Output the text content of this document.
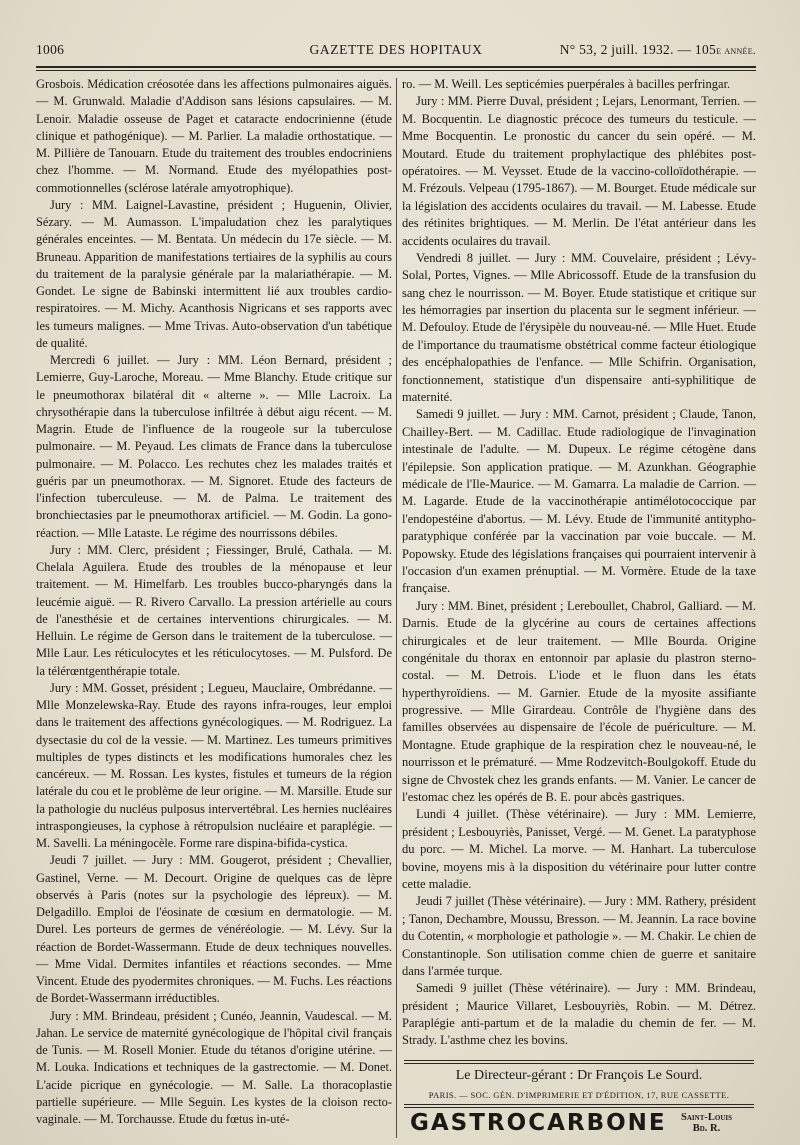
1006	GAZETTE DES HOPITAUX	N° 53, 2 juill. 1932. — 105e année.

Grosbois. Médication créosotée dans les affections pulmonaires aiguës. — M. Grunwald. Maladie d'Addison sans lésions capsulaires. — M. Lenoir. Maladie osseuse de Paget et cataracte endocrinienne (étude clinique et pathogénique). — M. Parlier. La maladie orthostatique. — M. Pillière de Tanouarn. Etude du traitement des troubles endocriniens chez l'homme. — M. Normand. Etude des myélopathies post-commotionnelles (sclérose latérale amyotrophique).

Jury : MM. Laignel-Lavastine, président ; Huguenin, Olivier, Sézary. — M. Aumasson. L'impaludation chez les paralytiques générales enceintes. — M. Bentata. Un médecin du 17e siècle. — M. Bruneau. Apparition de manifestations tertiaires de la syphilis au cours du traitement de la paralysie générale par la malariathérapie. — M. Gondet. Le signe de Babinski intermittent lié aux troubles cardio-respiratoires. — M. Michy. Acanthosis Nigricans et ses rapports avec les tumeurs malignes. — Mme Trivas. Auto-observation d'un tabétique de qualité.

Mercredi 6 juillet. — Jury : MM. Léon Bernard, président ; Lemierre, Guy-Laroche, Moreau. — Mme Blanchy. Etude critique sur le pneumothorax bilatéral dit « alterne ». — Mlle Lacroix. La chrysothérapie dans la tuberculose infiltrée à début aigu récent. — M. Magrin. Etude de l'influence de la rougeole sur la tuberculose pulmonaire. — M. Peyaud. Les climats de France dans la tuberculose pulmonaire. — M. Polacco. Les rechutes chez les malades traités et guéris par un pneumothorax. — M. Signoret. Etude des facteurs de l'infection tuberculeuse. — M. de Palma. Le traitement des bronchiectasies par le pneumothorax artificiel. — M. Godin. La gono-réaction. — Mlle Lataste. Le régime des nourrissons débiles.

Jury : MM. Clerc, président ; Fiessinger, Brulé, Cathala. — M. Chelala Aguilera. Etude des troubles de la ménopause et leur traitement. — M. Himelfarb. Les troubles bucco-pharyngés dans la leucémie aiguë. — R. Rivero Carvallo. La pression artérielle au cours de l'anesthésie et de certaines interventions chirurgicales. — M. Helluin. Le régime de Gerson dans le traitement de la tuberculose. — Mlle Laur. Les réticulocytes et les réticulocytoses. — M. Pulsford. De la télérœntgenthérapie totale.

Jury : MM. Gosset, président ; Legueu, Mauclaire, Ombrédanne. — Mlle Monzelewska-Ray. Etude des rayons infra-rouges, leur emploi dans le traitement des affections gynécologiques. — M. Rodriguez. La dysectasie du col de la vessie. — M. Martinez. Les tumeurs primitives multiples de types distincts et les modifications humorales chez les cancéreux. — M. Rossan. Les kystes, fistules et tumeurs de la région latérale du cou et le problème de leur origine. — M. Marsille. Etude sur la pathologie du nucléus pulposus intervertébral. Les hernies nucléaires intraspongieuses, la cyphose à rétropulsion nucléaire et paraplégie. — M. Savelli. La méningocèle. Forme rare dispina-bifida-cystica.

Jeudi 7 juillet. — Jury : MM. Gougerot, président ; Chevallier, Gastinel, Verne. — M. Decourt. Origine de quelques cas de lèpre observés à Paris (notes sur la psychologie des lépreux). — M. Delgadillo. Emploi de l'éosinate de cœsium en dermatologie. — M. Durel. Les porteurs de germes de vénéréologie. — M. Lévy. Sur la réaction de Bordet-Wassermann. Etude de deux techniques nouvelles. — Mme Vidal. Dermites infantiles et réactions secondes. — Mme Vincent. Etude des pyodermites chroniques. — M. Fuchs. Les réactions de Bordet-Wassermann irréductibles.

Jury : MM. Brindeau, président ; Cunéo, Jeannin, Vaudescal. — M. Jahan. Le service de maternité gynécologique de l'hôpital civil français de Tunis. — M. Rosell Monier. Etude du tétanos d'origine utérine. — M. Louka. Indications et techniques de la gastrectomie. — M. Donet. L'acide picrique en gynécologie. — M. Salle. La thoracoplastie partielle supérieure. — Mlle Seguin. Les kystes de la cloison recto-vaginale. — M. Torchausse. Etude du fœtus in-uté-

ro. — M. Weill. Les septicémies puerpérales à bacilles perfringar.

Jury : MM. Pierre Duval, président ; Lejars, Lenormant, Terrien. — M. Bocquentin. Le diagnostic précoce des tumeurs du testicule. — Mme Bocquentin. Le pronostic du cancer du sein opéré. — M. Moutard. Etude du traitement prophylactique des phlébites post-opératoires. — M. Veysset. Etude de la vaccino-colloïdothérapie. — M. Frézouls. Velpeau (1795-1867). — M. Bourget. Etude médicale sur la législation des accidents oculaires du travail. — M. Labesse. Etude des rétinites brightiques. — M. Merlin. De l'état antérieur dans les accidents oculaires du travail.

Vendredi 8 juillet. — Jury : MM. Couvelaire, président ; Lévy-Solal, Portes, Vignes. — Mlle Abricossoff. Etude de la transfusion du sang chez le nourrisson. — M. Boyer. Etude statistique et critique sur les hémorragies par insertion du placenta sur le segment inférieur. — M. Defouloy. Etude de l'érysipèle du nouveau-né. — Mlle Huet. Etude de l'importance du traumatisme obstétrical comme facteur étiologique des encéphalopathies de l'enfance. — Mlle Schifrin. Organisation, fonctionnement, statistique d'un dispensaire anti-syphilitique de maternité.

Samedi 9 juillet. — Jury : MM. Carnot, président ; Claude, Tanon, Chailley-Bert. — M. Cadillac. Etude radiologique de l'invagination intestinale de l'adulte. — M. Dupeux. Le régime cétogène dans l'épilepsie. Son application pratique. — M. Azunkhan. Géographie médicale de l'Ile-Maurice. — M. Gamarra. La maladie de Carrion. — M. Lagarde. Etude de la vaccinothérapie antimélotococcique par l'endopestéine d'abortus. — M. Lévy. Etude de l'immunité antitypho-paratyphique conférée par la vaccination par voie buccale. — M. Popowsky. Etude des législations françaises qui pourraient intervenir à l'occasion d'un examen prénuptial. — M. Vormère. Etude de la taxe française.

Jury : MM. Binet, président ; Lereboullet, Chabrol, Galliard. — M. Darnis. Etude de la glycérine au cours de certaines affections chirurgicales et de leur traitement. — Mlle Bourda. Origine congénitale du thorax en entonnoir par aplasie du plastron sterno-costal. — M. Detrois. L'iode et le fluon dans les états hyperthyroïdiens. — M. Garnier. Etude de la myosite assifiante progressive. — Mlle Girardeau. Contrôle de l'hygiène dans des familles observées au dispensaire de l'école de puériculture. — M. Montagne. Etude graphique de la respiration chez le nouveau-né, le nourrisson et le prématuré. — Mme Rodzevitch-Boulgokoff. Etude du signe de Chvostek chez les grands enfants. — M. Vanier. Le cancer de l'estomac chez les opérés de B. E. pour abcès gastriques.

Lundi 4 juillet. (Thèse vétérinaire). — Jury : MM. Lemierre, président ; Lesbouyriès, Panisset, Vergé. — M. Genet. La paratyphose du porc. — M. Michel. La morve. — M. Hanhart. La tuberculose bovine, moyens mis à la disposition du vétérinaire pour lutter contre cette maladie.

Jeudi 7 juillet (Thèse vétérinaire). — Jury : MM. Rathery, président ; Tanon, Dechambre, Moussu, Bresson. — M. Jeannin. La race bovine du Cotentin, « morphologie et pathologie ». — M. Chakir. Le chien de Constantinople. Son utilisation comme chien de guerre et sanitaire dans l'armée turque.

Samedi 9 juillet (Thèse vétérinaire). — Jury : MM. Brindeau, président ; Maurice Villaret, Lesbouyriès, Robin. — M. Détrez. Paraplégie anti-partum et de la maladie du chemin de fer. — M. Strady. L'asthme chez les bovins.

Le Directeur-gérant : Dr François Le Sourd.
PARIS. — SOC. GÉN. D'IMPRIMERIE ET D'ÉDITION, 17, RUE CASSETTE.
GASTROCARBONE Saint-Louis
Bd. R.
